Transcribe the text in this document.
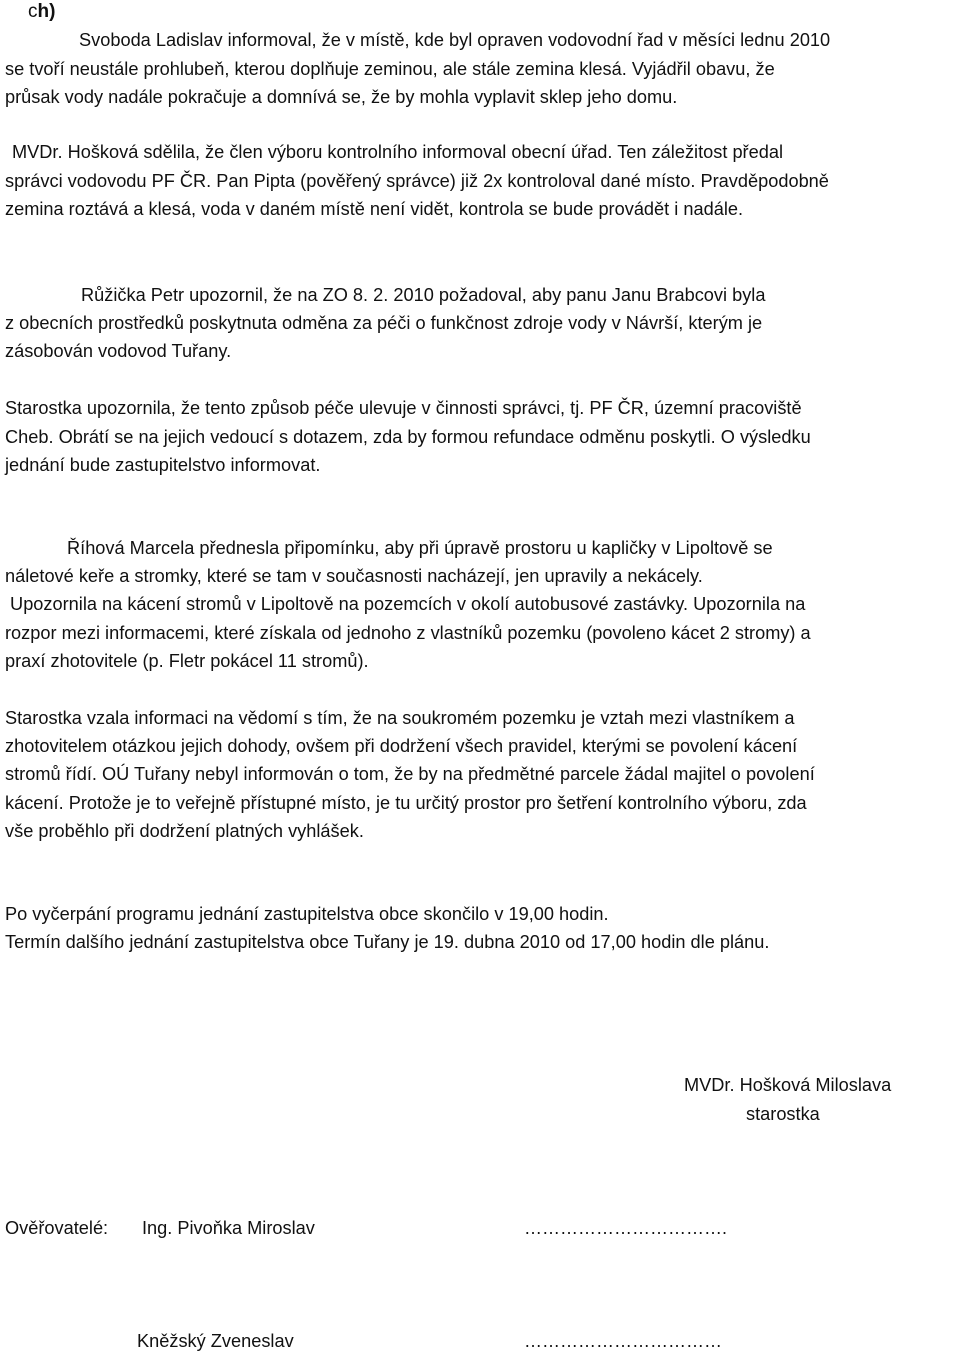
ch)
Svoboda Ladislav informoval, že v místě, kde byl opraven vodovodní řad v měsíci lednu 2010
se tvoří neustále prohlubeň, kterou doplňuje zeminou, ale stále zemina klesá. Vyjádřil obavu, že
průsak vody nadále pokračuje a domnívá se, že by mohla vyplavit sklep jeho domu.
MVDr. Hošková sdělila, že člen výboru kontrolního informoval obecní úřad. Ten záležitost předal
správci vodovodu PF ČR. Pan Pipta (pověřený správce) již 2x kontroloval dané místo. Pravděpodobně
zemina roztává a klesá, voda v daném místě není vidět, kontrola se bude provádět i nadále.
Růžička Petr upozornil, že na ZO 8. 2. 2010 požadoval, aby panu Janu Brabcovi byla
z obecních prostředků poskytnuta odměna za péči o funkčnost zdroje vody v Návrší, kterým je
zásobován vodovod Tuřany.
Starostka upozornila, že tento způsob péče ulevuje v činnosti správci, tj. PF ČR, územní pracoviště
Cheb. Obrátí se na jejich vedoucí s dotazem, zda by formou refundace odměnu poskytli. O výsledku
jednání bude zastupitelstvo informovat.
Říhová Marcela přednesla připomínku, aby při úpravě prostoru u kapličky v Lipoltově se
náletové keře a stromky, které se tam v současnosti nacházejí, jen upravily a nekácely.
Upozornila na kácení stromů v Lipoltově na pozemcích v okolí autobusové zastávky. Upozornila na
rozpor mezi informacemi, které získala od jednoho z vlastníků pozemku (povoleno kácet 2 stromy) a
praxí zhotovitele (p. Fletr pokácel 11 stromů).
Starostka vzala informaci na vědomí s tím, že na soukromém pozemku je vztah mezi vlastníkem a
zhotovitelem otázkou jejich dohody, ovšem při dodržení všech pravidel, kterými se povolení kácení
stromů řídí. OÚ Tuřany nebyl informován o tom, že by na předmětné parcele žádal majitel o povolení
kácení. Protože je to veřejně přístupné místo, je tu určitý prostor pro šetření kontrolního výboru, zda
vše proběhlo při dodržení platných vyhlášek.
Po vyčerpání programu jednání zastupitelstva obce skončilo v 19,00 hodin.
Termín dalšího jednání zastupitelstva obce Tuřany je 19. dubna 2010 od 17,00 hodin dle plánu.
MVDr. Hošková Miloslava
starostka
Ověřovatelé: Ing. Pivoňka Miroslav	…………………………….
Kněžský Zveneslav	……………………………
